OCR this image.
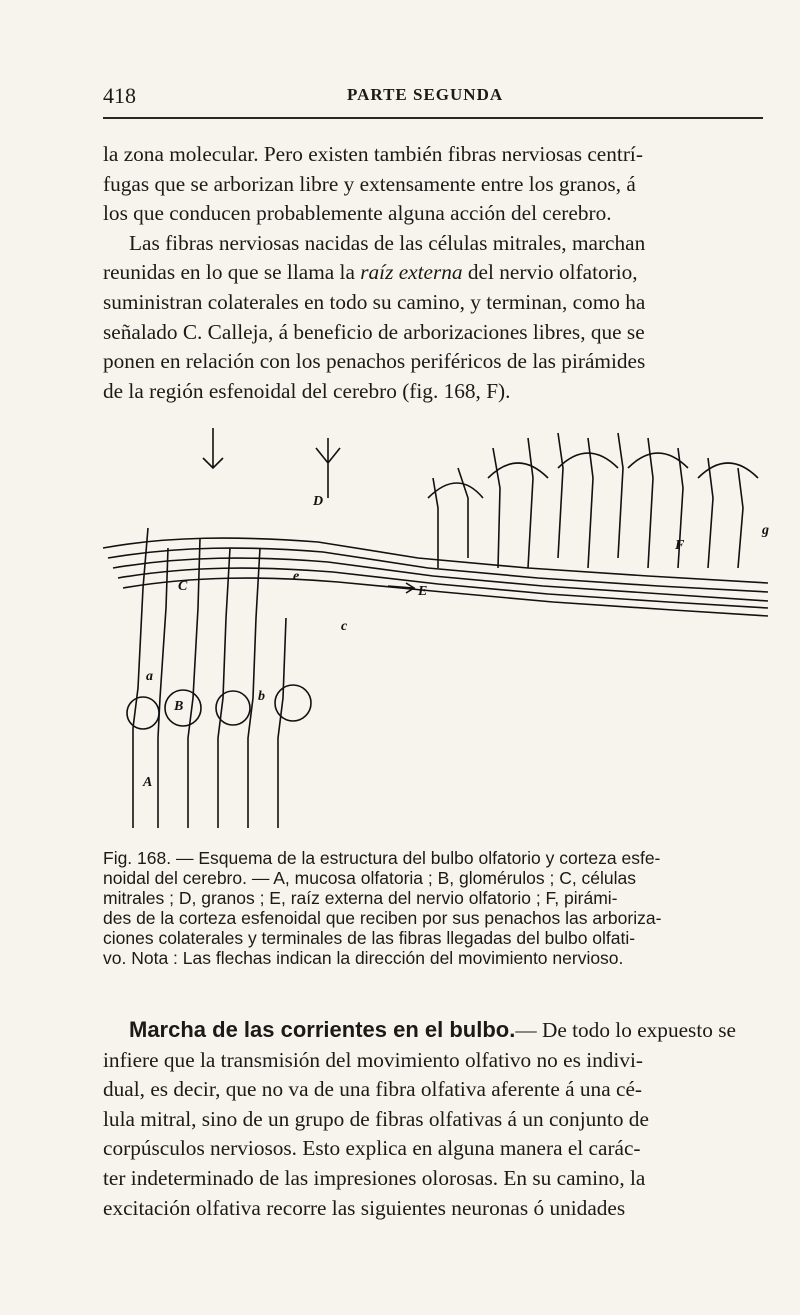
418	PARTE SEGUNDA
la zona molecular. Pero existen también fibras nerviosas centrí-
fugas que se arborizan libre y extensamente entre los granos, á
los que conducen probablemente alguna acción del cerebro.
Las fibras nerviosas nacidas de las células mitrales, marchan
reunidas en lo que se llama la raíz externa del nervio olfatorio,
suministran colaterales en todo su camino, y terminan, como ha
señalado C. Calleja, á beneficio de arborizaciones libres, que se
ponen en relación con los penachos periféricos de las pirámides
de la región esfenoidal del cerebro (fig. 168, F).
D
C
e
E
c
a
b
B
A
F
g
Fig. 168. — Esquema de la estructura del bulbo olfatorio y corteza esfe-
noidal del cerebro. — A, mucosa olfatoria ; B, glomérulos ; C, células
mitrales ; D, granos ; E, raíz externa del nervio olfatorio ; F, pirámi-
des de la corteza esfenoidal que reciben por sus penachos las arboriza-
ciones colaterales y terminales de las fibras llegadas del bulbo olfati-
vo. Nota : Las flechas indican la dirección del movimiento nervioso.
Marcha de las corrientes en el bulbo.— De todo lo expuesto se
infiere que la transmisión del movimiento olfativo no es indivi-
dual, es decir, que no va de una fibra olfativa aferente á una cé-
lula mitral, sino de un grupo de fibras olfativas á un conjunto de
corpúsculos nerviosos. Esto explica en alguna manera el carác-
ter indeterminado de las impresiones olorosas. En su camino, la
excitación olfativa recorre las siguientes neuronas ó unidades
